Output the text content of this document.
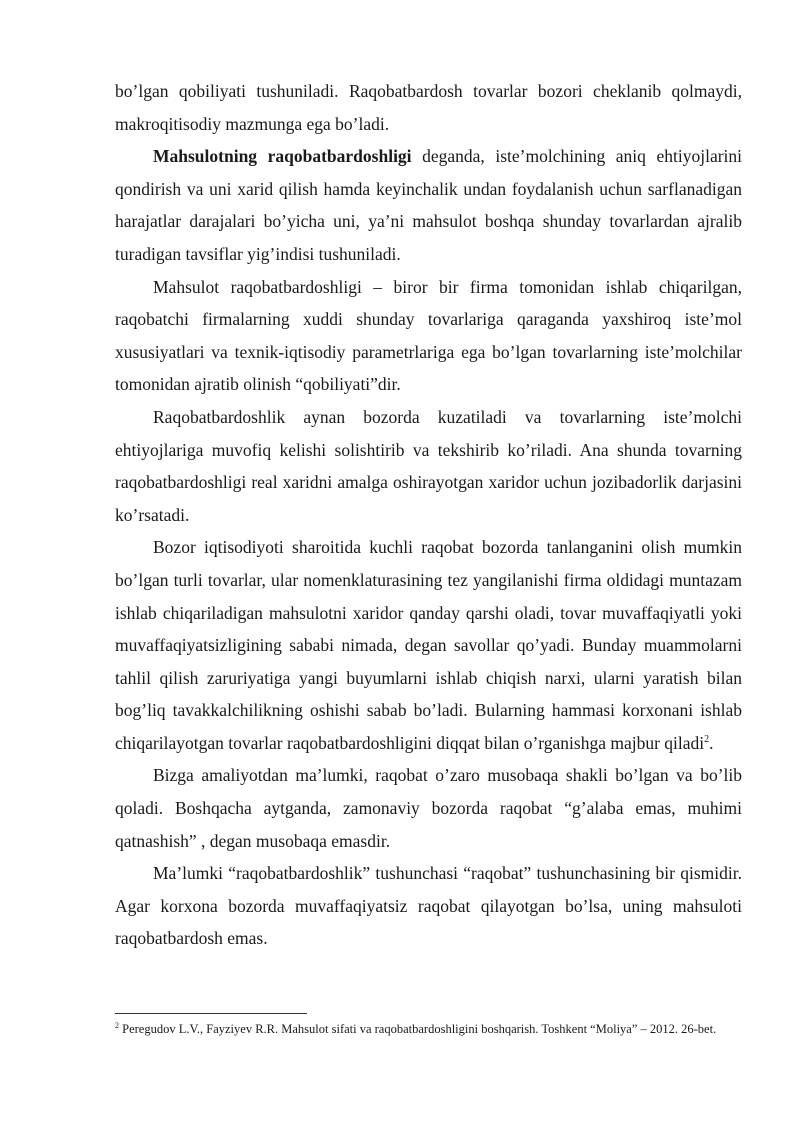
bo’lgan qobiliyati tushuniladi. Raqobatbardosh tovarlar bozori cheklanib qolmaydi, makroqitisodiy mazmunga ega bo’ladi.

Mahsulotning raqobatbardoshligi deganda, iste’molchining aniq ehtiyojlarini qondirish va uni xarid qilish hamda keyinchalik undan foydalanish uchun sarflanadigan harajatlar darajalari bo’yicha uni, ya’ni mahsulot boshqa shunday tovarlardan ajralib turadigan tavsiflar yig’indisi tushuniladi.

Mahsulot raqobatbardoshligi – biror bir firma tomonidan ishlab chiqarilgan, raqobatchi firmalarning xuddi shunday tovarlariga qaraganda yaxshiroq iste’mol xususiyatlari va texnik-iqtisodiy parametrlariga ega bo’lgan tovarlarning iste’molchilar tomonidan ajratib olinish “qobiliyati”dir.

Raqobatbardoshlik aynan bozorda kuzatiladi va tovarlarning iste’molchi ehtiyojlariga muvofiq kelishi solishtirib va tekshirib ko’riladi. Ana shunda tovarning raqobatbardoshligi real xaridni amalga oshirayotgan xaridor uchun jozibadorlik darjasini ko’rsatadi.

Bozor iqtisodiyoti sharoitida kuchli raqobat bozorda tanlanganini olish mumkin bo’lgan turli tovarlar, ular nomenklaturasining tez yangilanishi firma oldidagi muntazam ishlab chiqariladigan mahsulotni xaridor qanday qarshi oladi, tovar muvaffaqiyatli yoki muvaffaqiyatsizligining sababi nimada, degan savollar qo’yadi. Bunday muammolarni tahlil qilish zaruriyatiga yangi buyumlarni ishlab chiqish narxi, ularni yaratish bilan bog’liq tavakkalchilikning oshishi sabab bo’ladi. Bularning hammasi korxonani ishlab chiqarilayotgan tovarlar raqobatbardoshligini diqqat bilan o’rganishga majbur qiladi$^2$.

Bizga amaliyotdan ma’lumki, raqobat o’zaro musobaqa shakli bo’lgan va bo’lib qoladi. Boshqacha aytganda, zamonaviy bozorda raqobat “g’alaba emas, muhimi qatnashish” , degan musobaqa emasdir.

Ma’lumki “raqobatbardoshlik” tushunchasi “raqobat” tushunchasining bir qismidir. Agar korxona bozorda muvaffaqiyatsiz raqobat qilayotgan bo’lsa, uning mahsuloti raqobatbardosh emas.

$^2$ Peregudov L.V., Fayziyev R.R. Mahsulot sifati va raqobatbardoshligini boshqarish. Toshkent “Moliya” – 2012. 26-bet.
